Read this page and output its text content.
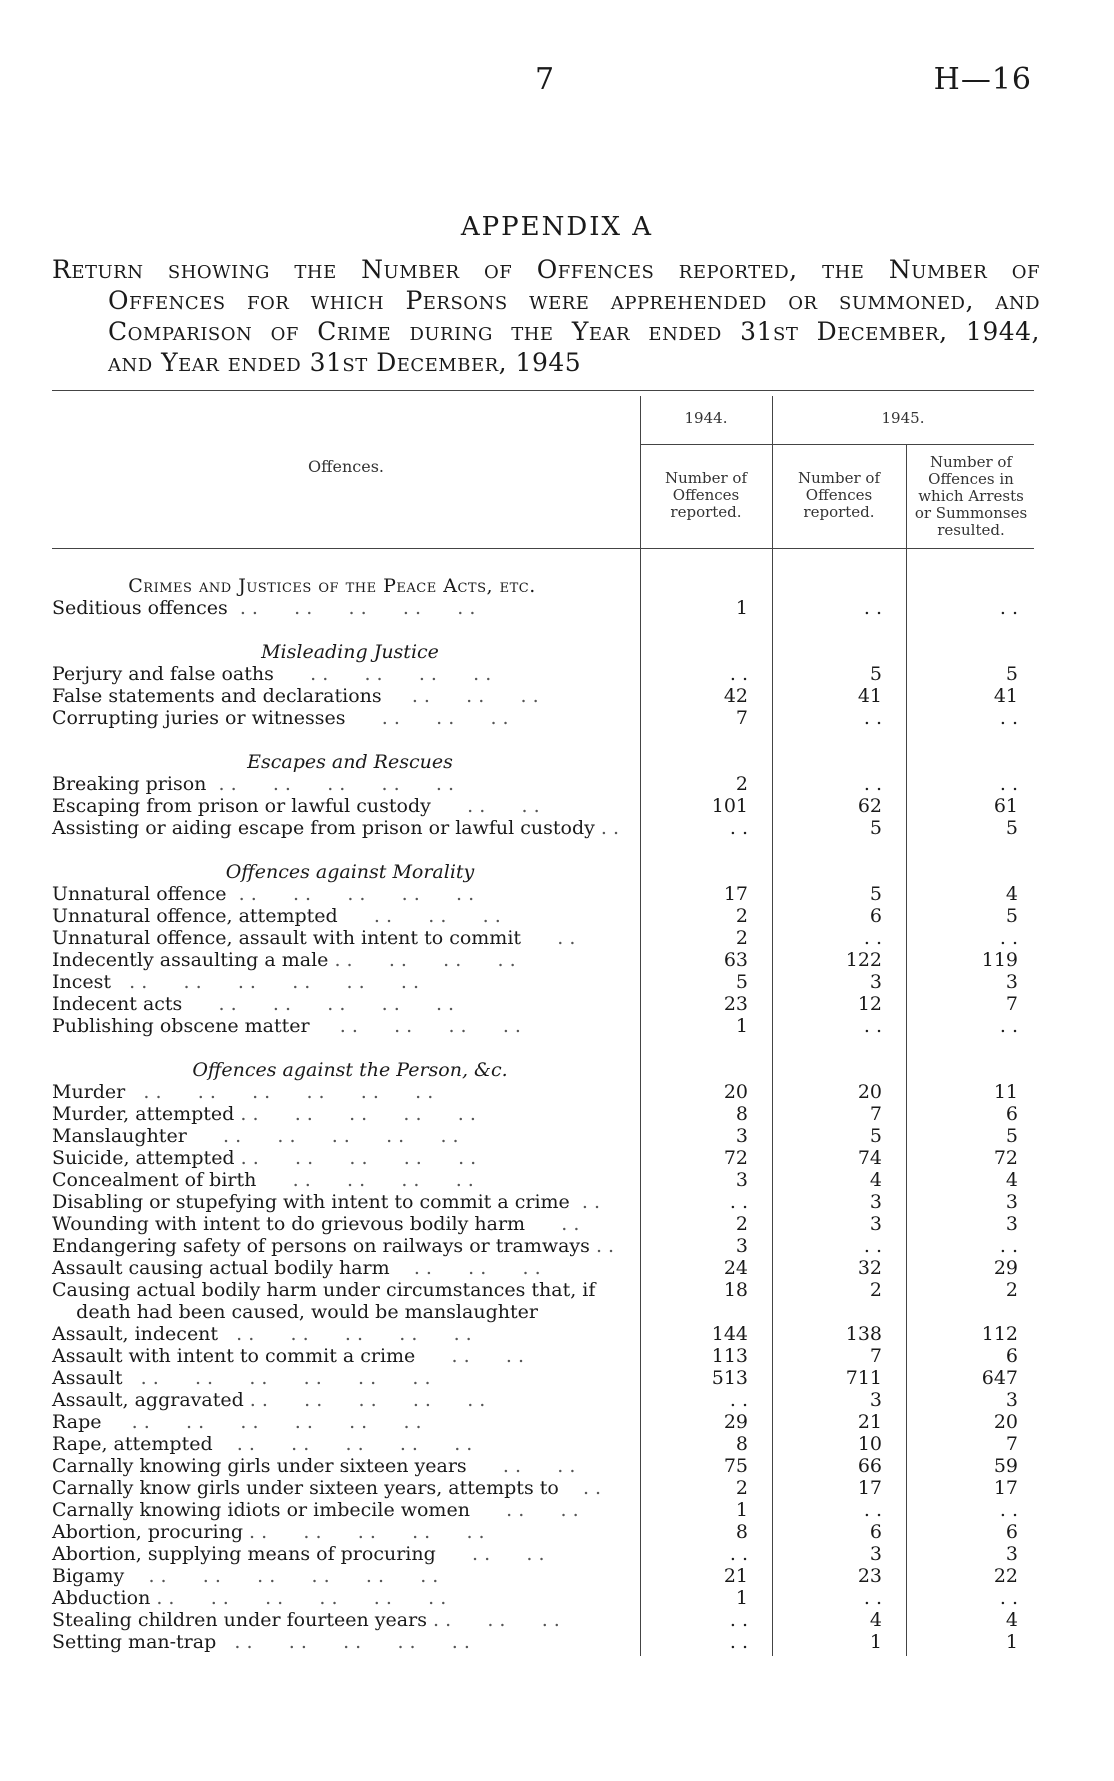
7	H—16
APPENDIX A
Return showing the Number of Offences reported, the Number of
Offences for which Persons were apprehended or summoned, and
Comparison of Crime during the Year ended 31st December, 1944,
and Year ended 31st December, 1945
Offences.
1944.	1945.
Number of Offences reported.
Number of Offences reported.
Number of Offences in which Arrests or Summonses resulted.
Crimes and Justices of the Peace Acts, etc.
Seditious offences  . .      . .      . .      . .      . .	1	. .	. .
Misleading Justice
Perjury and false oaths      . .      . .      . .      . .	. .	5	5
False statements and declarations     . .      . .      . .	42	41	41
Corrupting juries or witnesses      . .      . .      . .	7	. .	. .
Escapes and Rescues
Breaking prison  . .      . .      . .      . .      . .	2	. .	. .
Escaping from prison or lawful custody      . .      . .	101	62	61
Assisting or aiding escape from prison or lawful custody . .	. .	5	5
Offences against Morality
Unnatural offence  . .      . .      . .      . .      . .	17	5	4
Unnatural offence, attempted      . .      . .      . .	2	6	5
Unnatural offence, assault with intent to commit      . .	2	. .	. .
Indecently assaulting a male . .      . .      . .      . .	63	122	119
Incest   . .      . .      . .      . .      . .      . .	5	3	3
Indecent acts      . .      . .      . .      . .      . .	23	12	7
Publishing obscene matter     . .      . .      . .      . .	1	. .	. .
Offences against the Person, &c.
Murder   . .      . .      . .      . .      . .      . .	20	20	11
Murder, attempted . .      . .      . .      . .      . .	8	7	6
Manslaughter      . .      . .      . .      . .      . .	3	5	5
Suicide, attempted . .      . .      . .      . .      . .	72	74	72
Concealment of birth      . .      . .      . .      . .	3	4	4
Disabling or stupefying with intent to commit a crime  . .	. .	3	3
Wounding with intent to do grievous bodily harm      . .	2	3	3
Endangering safety of persons on railways or tramways . .	3	. .	. .
Assault causing actual bodily harm    . .      . .      . .	24	32	29
Causing actual bodily harm under circumstances that, if	18	2	2
death had been caused, would be manslaughter
Assault, indecent   . .      . .      . .      . .      . .	144	138	112
Assault with intent to commit a crime      . .      . .	113	7	6
Assault   . .      . .      . .      . .      . .      . .	513	711	647
Assault, aggravated . .      . .      . .      . .      . .	. .	3	3
Rape     . .      . .      . .      . .      . .      . .	29	21	20
Rape, attempted    . .      . .      . .      . .      . .	8	10	7
Carnally knowing girls under sixteen years      . .      . .	75	66	59
Carnally know girls under sixteen years, attempts to    . .	2	17	17
Carnally knowing idiots or imbecile women      . .      . .	1	. .	. .
Abortion, procuring . .      . .      . .      . .      . .	8	6	6
Abortion, supplying means of procuring      . .      . .	. .	3	3
Bigamy    . .      . .      . .      . .      . .      . .	21	23	22
Abduction . .      . .      . .      . .      . .      . .	1	. .	. .
Stealing children under fourteen years . .      . .      . .	. .	4	4
Setting man-trap   . .      . .      . .      . .      . .	. .	1	1
